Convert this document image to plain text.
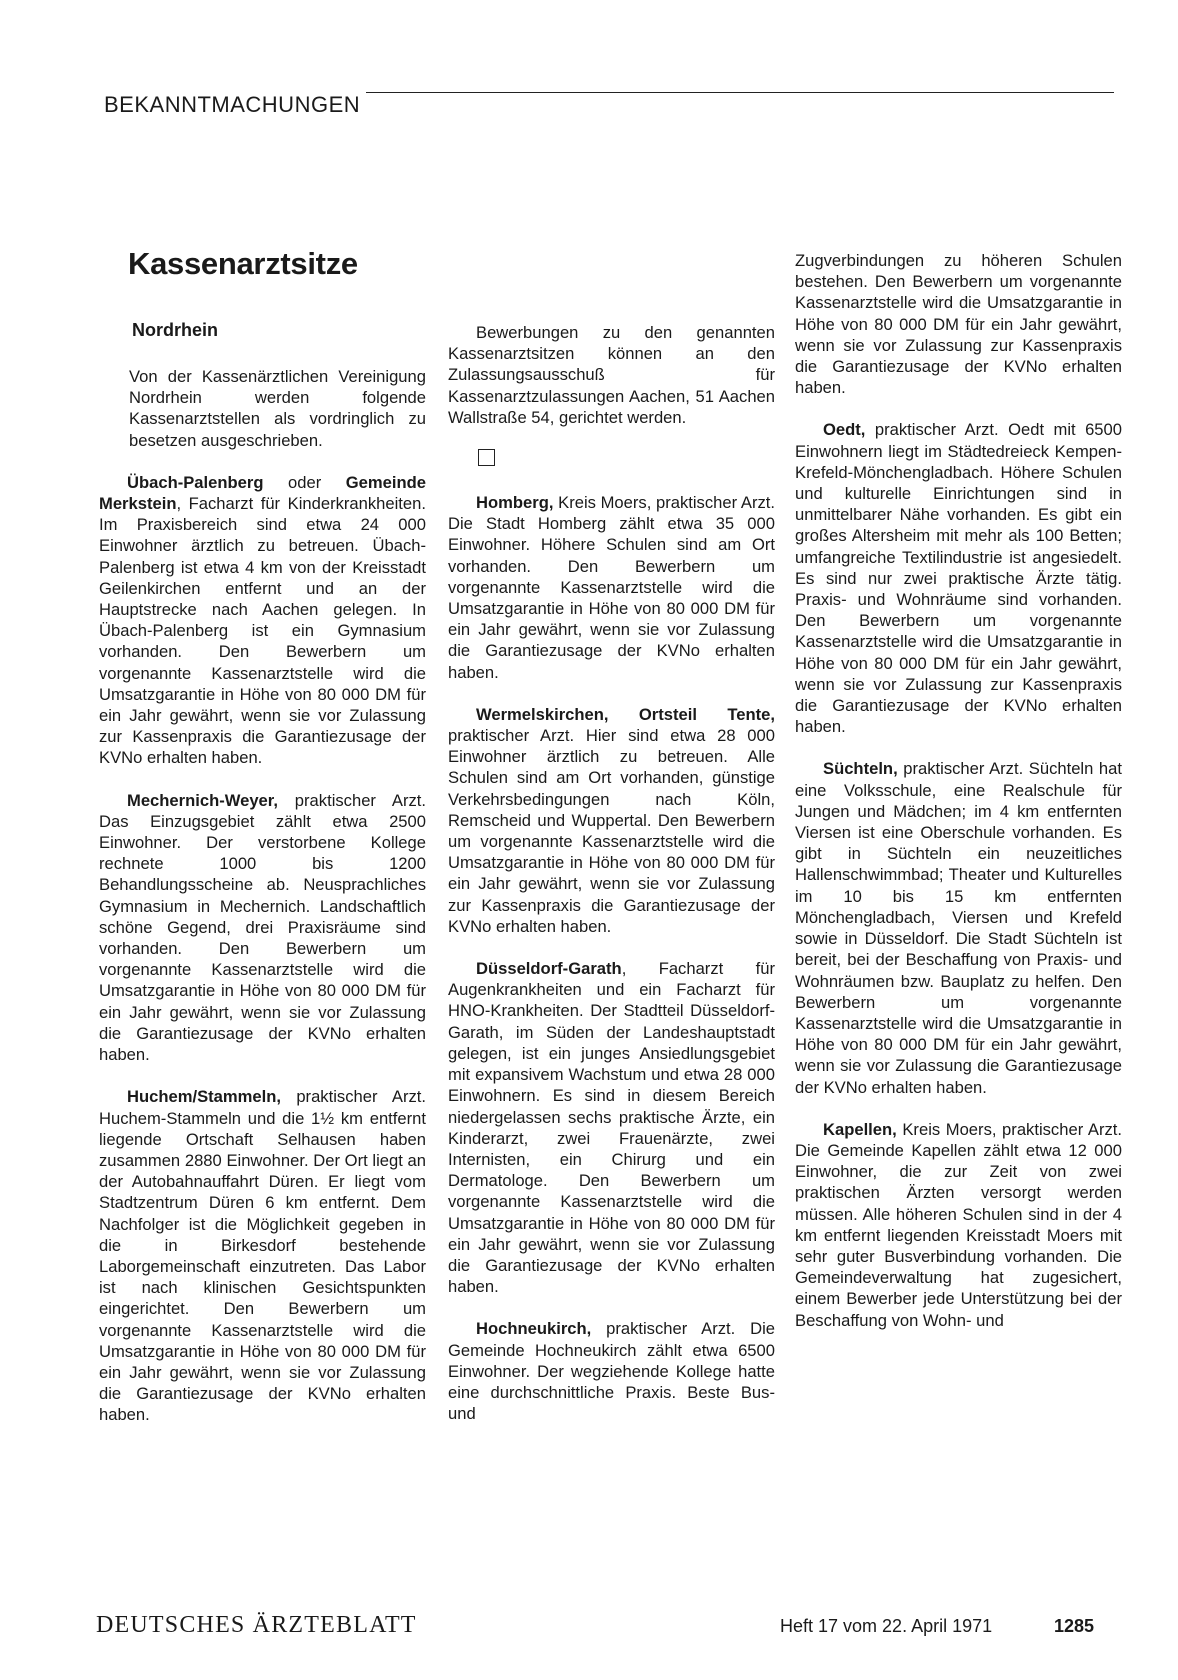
BEKANNTMACHUNGEN
Kassenarztsitze
Nordrhein

Von der Kassenärztlichen Vereinigung Nordrhein werden folgende Kassenarztstellen als vordringlich zu besetzen ausgeschrieben.

Übach-Palenberg oder Gemeinde Merkstein, Facharzt für Kinderkrankheiten. Im Praxisbereich sind etwa 24 000 Einwohner ärztlich zu betreuen. Übach-Palenberg ist etwa 4 km von der Kreisstadt Geilenkirchen entfernt und an der Hauptstrecke nach Aachen gelegen. In Übach-Palenberg ist ein Gymnasium vorhanden. Den Bewerbern um vorgenannte Kassenarztstelle wird die Umsatzgarantie in Höhe von 80 000 DM für ein Jahr gewährt, wenn sie vor Zulassung zur Kassenpraxis die Garantiezusage der KVNo erhalten haben.

Mechernich-Weyer, praktischer Arzt. Das Einzugsgebiet zählt etwa 2500 Einwohner. Der verstorbene Kollege rechnete 1000 bis 1200 Behandlungsscheine ab. Neusprachliches Gymnasium in Mechernich. Landschaftlich schöne Gegend, drei Praxisräume sind vorhanden. Den Bewerbern um vorgenannte Kassenarztstelle wird die Umsatzgarantie in Höhe von 80 000 DM für ein Jahr gewährt, wenn sie vor Zulassung die Garantiezusage der KVNo erhalten haben.

Huchem/Stammeln, praktischer Arzt. Huchem-Stammeln und die 1½ km entfernt liegende Ortschaft Selhausen haben zusammen 2880 Einwohner. Der Ort liegt an der Autobahnauffahrt Düren. Er liegt vom Stadtzentrum Düren 6 km entfernt. Dem Nachfolger ist die Möglichkeit gegeben in die in Birkesdorf bestehende Laborgemeinschaft einzutreten. Das Labor ist nach klinischen Gesichtspunkten eingerichtet. Den Bewerbern um vorgenannte Kassenarztstelle wird die Umsatzgarantie in Höhe von 80 000 DM für ein Jahr gewährt, wenn sie vor Zulassung die Garantiezusage der KVNo erhalten haben.

Bewerbungen zu den genannten Kassenarztsitzen können an den Zulassungsausschuß für Kassenarztzulassungen Aachen, 51 Aachen Wallstraße 54, gerichtet werden.

Homberg, Kreis Moers, praktischer Arzt. Die Stadt Homberg zählt etwa 35 000 Einwohner. Höhere Schulen sind am Ort vorhanden. Den Bewerbern um vorgenannte Kassenarztstelle wird die Umsatzgarantie in Höhe von 80 000 DM für ein Jahr gewährt, wenn sie vor Zulassung die Garantiezusage der KVNo erhalten haben.

Wermelskirchen, Ortsteil Tente, praktischer Arzt. Hier sind etwa 28 000 Einwohner ärztlich zu betreuen. Alle Schulen sind am Ort vorhanden, günstige Verkehrsbedingungen nach Köln, Remscheid und Wuppertal. Den Bewerbern um vorgenannte Kassenarztstelle wird die Umsatzgarantie in Höhe von 80 000 DM für ein Jahr gewährt, wenn sie vor Zulassung zur Kassenpraxis die Garantiezusage der KVNo erhalten haben.

Düsseldorf-Garath, Facharzt für Augenkrankheiten und ein Facharzt für HNO-Krankheiten. Der Stadtteil Düsseldorf-Garath, im Süden der Landeshauptstadt gelegen, ist ein junges Ansiedlungsgebiet mit expansivem Wachstum und etwa 28 000 Einwohnern. Es sind in diesem Bereich niedergelassen sechs praktische Ärzte, ein Kinderarzt, zwei Frauenärzte, zwei Internisten, ein Chirurg und ein Dermatologe. Den Bewerbern um vorgenannte Kassenarztstelle wird die Umsatzgarantie in Höhe von 80 000 DM für ein Jahr gewährt, wenn sie vor Zulassung die Garantiezusage der KVNo erhalten haben.

Hochneukirch, praktischer Arzt. Die Gemeinde Hochneukirch zählt etwa 6500 Einwohner. Der wegziehende Kollege hatte eine durchschnittliche Praxis. Beste Bus- und

Zugverbindungen zu höheren Schulen bestehen. Den Bewerbern um vorgenannte Kassenarztstelle wird die Umsatzgarantie in Höhe von 80 000 DM für ein Jahr gewährt, wenn sie vor Zulassung zur Kassenpraxis die Garantiezusage der KVNo erhalten haben.

Oedt, praktischer Arzt. Oedt mit 6500 Einwohnern liegt im Städtedreieck Kempen-Krefeld-Mönchengladbach. Höhere Schulen und kulturelle Einrichtungen sind in unmittelbarer Nähe vorhanden. Es gibt ein großes Altersheim mit mehr als 100 Betten; umfangreiche Textilindustrie ist angesiedelt. Es sind nur zwei praktische Ärzte tätig. Praxis- und Wohnräume sind vorhanden. Den Bewerbern um vorgenannte Kassenarztstelle wird die Umsatzgarantie in Höhe von 80 000 DM für ein Jahr gewährt, wenn sie vor Zulassung zur Kassenpraxis die Garantiezusage der KVNo erhalten haben.

Süchteln, praktischer Arzt. Süchteln hat eine Volksschule, eine Realschule für Jungen und Mädchen; im 4 km entfernten Viersen ist eine Oberschule vorhanden. Es gibt in Süchteln ein neuzeitliches Hallenschwimmbad; Theater und Kulturelles im 10 bis 15 km entfernten Mönchengladbach, Viersen und Krefeld sowie in Düsseldorf. Die Stadt Süchteln ist bereit, bei der Beschaffung von Praxis- und Wohnräumen bzw. Bauplatz zu helfen. Den Bewerbern um vorgenannte Kassenarztstelle wird die Umsatzgarantie in Höhe von 80 000 DM für ein Jahr gewährt, wenn sie vor Zulassung die Garantiezusage der KVNo erhalten haben.

Kapellen, Kreis Moers, praktischer Arzt. Die Gemeinde Kapellen zählt etwa 12 000 Einwohner, die zur Zeit von zwei praktischen Ärzten versorgt werden müssen. Alle höheren Schulen sind in der 4 km entfernt liegenden Kreisstadt Moers mit sehr guter Busverbindung vorhanden. Die Gemeindeverwaltung hat zugesichert, einem Bewerber jede Unterstützung bei der Beschaffung von Wohn- und

DEUTSCHES ÄRZTEBLATT	Heft 17 vom 22. April 1971	1285
